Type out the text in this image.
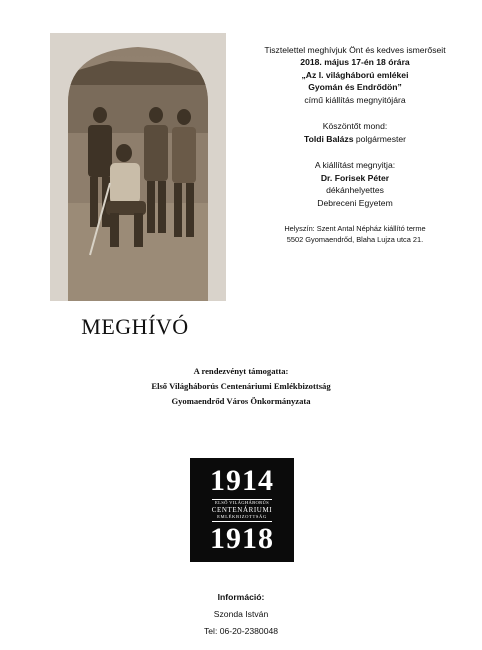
MEGHÍVÓ
Tisztelettel meghívjuk Önt és kedves ismerőseit
2018. május 17-én 18 órára
„Az I. világháború emlékei
Gyomán és Endrődön”
című kiállítás megnyitójára
Köszöntőt mond:
Toldi Balázs polgármester
A kiállítást megnyitja:
Dr. Forisek Péter
dékánhelyettes
Debreceni Egyetem
Helyszín: Szent Antal Népház kiállító terme
5502 Gyomaendrőd, Blaha Lujza utca 21.
A rendezvényt támogatta:
Első Világháborús Centenáriumi Emlékbizottság
Gyomaendrőd Város Önkormányzata
1914
ELSŐ VILÁGHÁBORÚS
CENTENÁRIUMI
EMLÉKBIZOTTSÁG
1918
Információ:
Szonda István
Tel: 06-20-2380048
